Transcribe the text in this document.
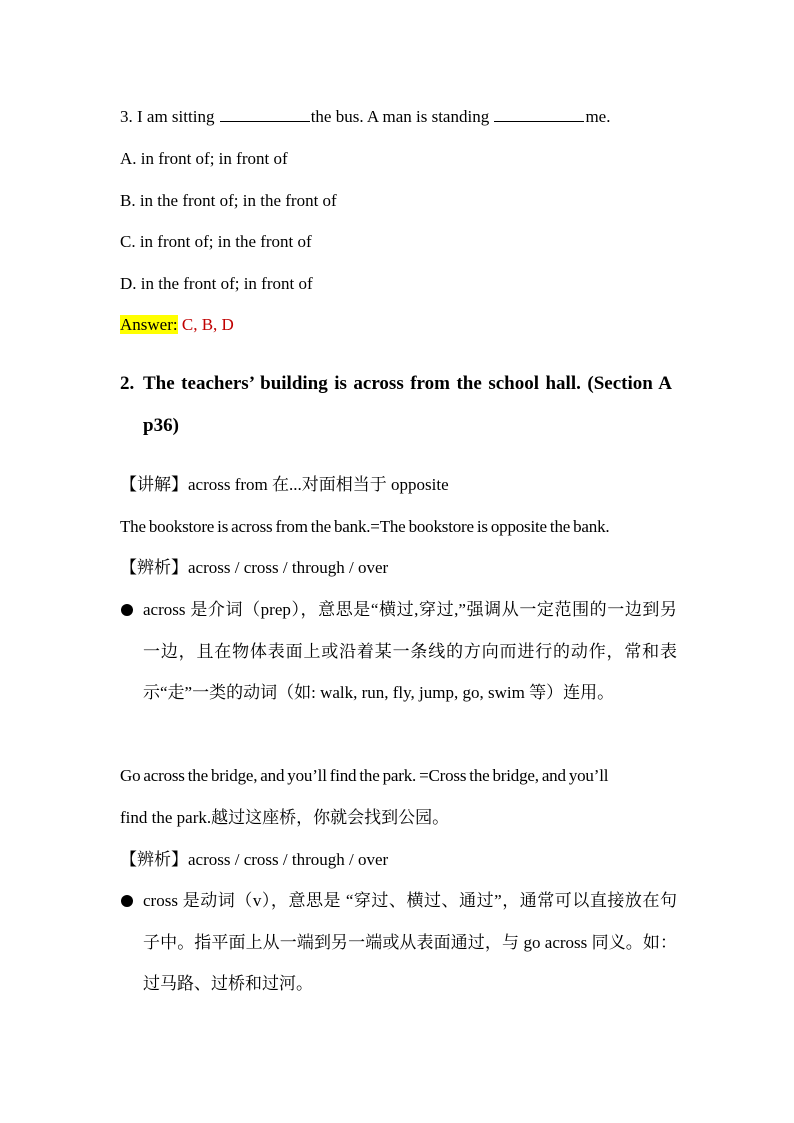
3. I am sitting	the bus. A man is standing	me.
A. in front of; in front of
B. in the front of; in the front of
C. in front of; in the front of
D. in the front of; in front of
Answer: C, B, D
2. The teachers’ building is across from the school hall. (Section A p36)
【讲解】across from 在...对面相当于 opposite
The bookstore is across from the bank.=The bookstore is opposite the bank.
【辨析】across / cross / through / over
across 是介词（prep），意思是“横过,穿过,”强调从一定范围的一边到另一边，且在物体表面上或沿着某一条线的方向而进行的动作，常和表示“走”一类的动词（如: walk, run, fly, jump, go, swim 等）连用。
Go across the bridge, and you’ll find the park. =Cross the bridge, and you’ll
find the park.越过这座桥，你就会找到公园。
【辨析】across / cross / through / over
cross 是动词（v），意思是 “穿过、横过、通过”，通常可以直接放在句子中。指平面上从一端到另一端或从表面通过，与 go across 同义。如：过马路、过桥和过河。
